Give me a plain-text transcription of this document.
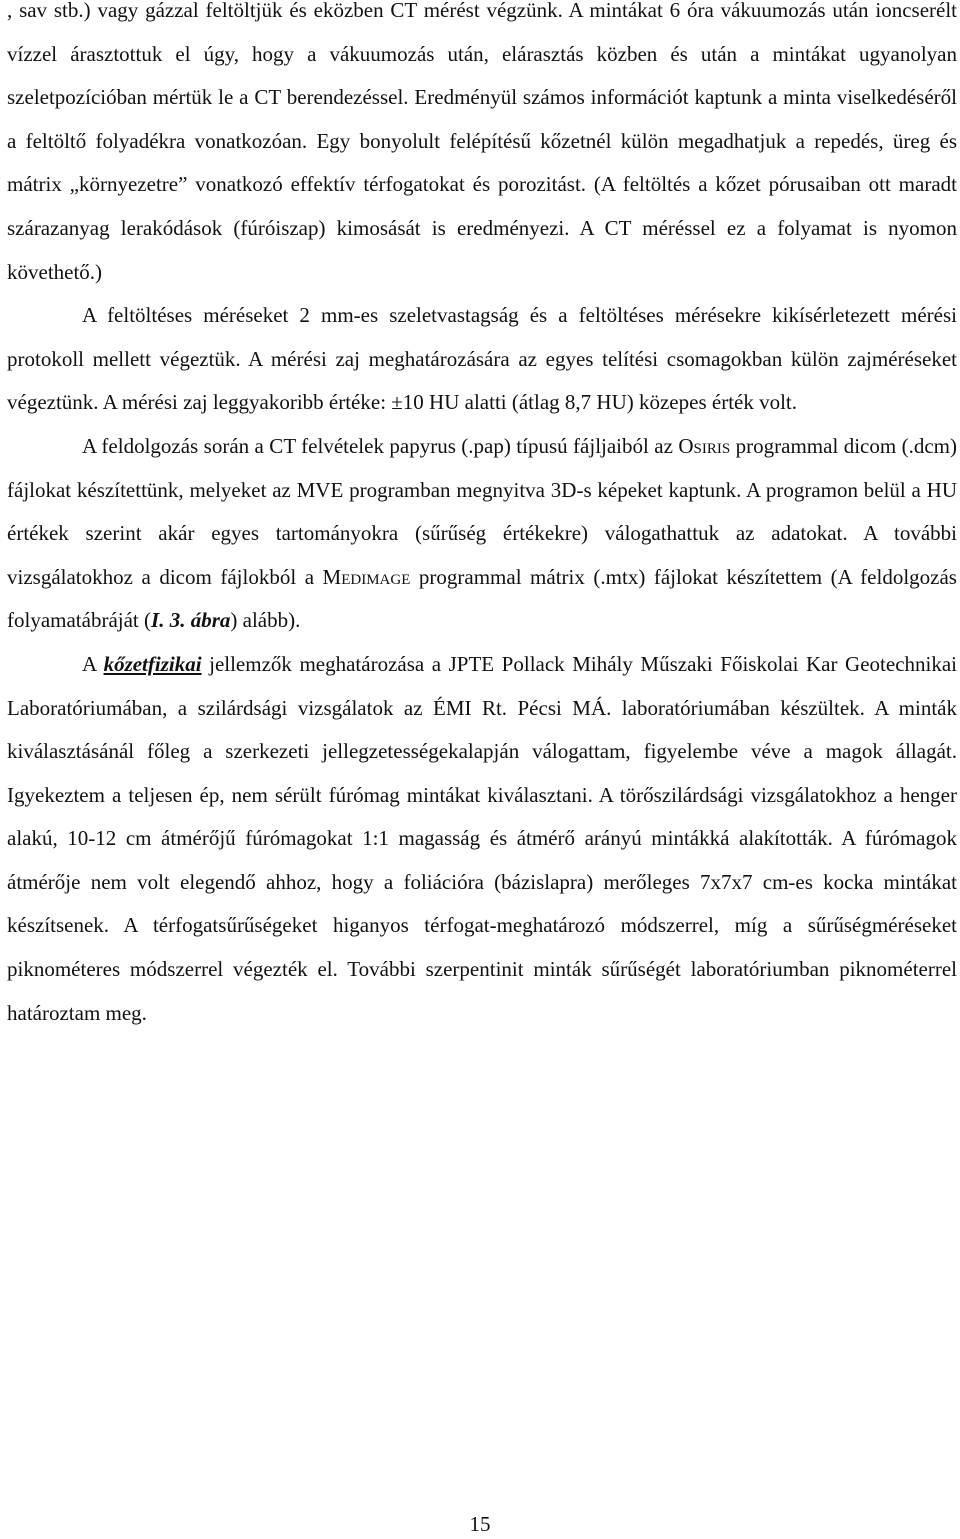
, sav stb.) vagy gázzal feltöltjük és eközben CT mérést végzünk. A mintákat 6 óra vákuumozás után ioncserélt vízzel árasztottuk el úgy, hogy a vákuumozás után, elárasztás közben és után a mintákat ugyanolyan szeletpozícióban mértük le a CT berendezéssel. Eredményül számos információt kaptunk a minta viselkedéséről a feltöltő folyadékra vonatkozóan. Egy bonyolult felépítésű kőzetnél külön megadhatjuk a repedés, üreg és mátrix „környezetre” vonatkozó effektív térfogatokat és porozitást. (A feltöltés a kőzet pórusaiban ott maradt szárazanyag lerakódások (fúróiszap) kimosását is eredményezi. A CT méréssel ez a folyamat is nyomon követhető.)

A feltöltéses méréseket 2 mm-es szeletvastagság és a feltöltéses mérésekre kikísérletezett mérési protokoll mellett végeztük. A mérési zaj meghatározására az egyes telítési csomagokban külön zajméréseket végeztünk. A mérési zaj leggyakoribb értéke: ±10 HU alatti (átlag 8,7 HU) közepes érték volt.

A feldolgozás során a CT felvételek papyrus (.pap) típusú fájljaiból az Osiris programmal dicom (.dcm) fájlokat készítettünk, melyeket az MVE programban megnyitva 3D-s képeket kaptunk. A programon belül a HU értékek szerint akár egyes tartományokra (sűrűség értékekre) válogathattuk az adatokat. A további vizsgálatokhoz a dicom fájlokból a Medimage programmal mátrix (.mtx) fájlokat készítettem (A feldolgozás folyamatábráját (I. 3. ábra) alább).

A kőzetfizikai jellemzők meghatározása a JPTE Pollack Mihály Műszaki Főiskolai Kar Geotechnikai Laboratóriumában, a szilárdsági vizsgálatok az ÉMI Rt. Pécsi MÁ. laboratóriumában készültek. A minták kiválasztásánál főleg a szerkezeti jellegzetességekalapján válogattam, figyelembe véve a magok állagát. Igyekeztem a teljesen ép, nem sérült fúrómag mintákat kiválasztani. A törőszilárdsági vizsgálatokhoz a henger alakú, 10-12 cm átmérőjű fúrómagokat 1:1 magasság és átmérő arányú mintákká alakították. A fúrómagok átmérője nem volt elegendő ahhoz, hogy a foliációra (bázislapra) merőleges 7x7x7 cm-es kocka mintákat készítsenek. A térfogatsűrűségeket higanyos térfogat-meghatározó módszerrel, míg a sűrűségméréseket piknométeres módszerrel végezték el. További szerpentinit minták sűrűségét laboratóriumban piknométerrel határoztam meg.

15
